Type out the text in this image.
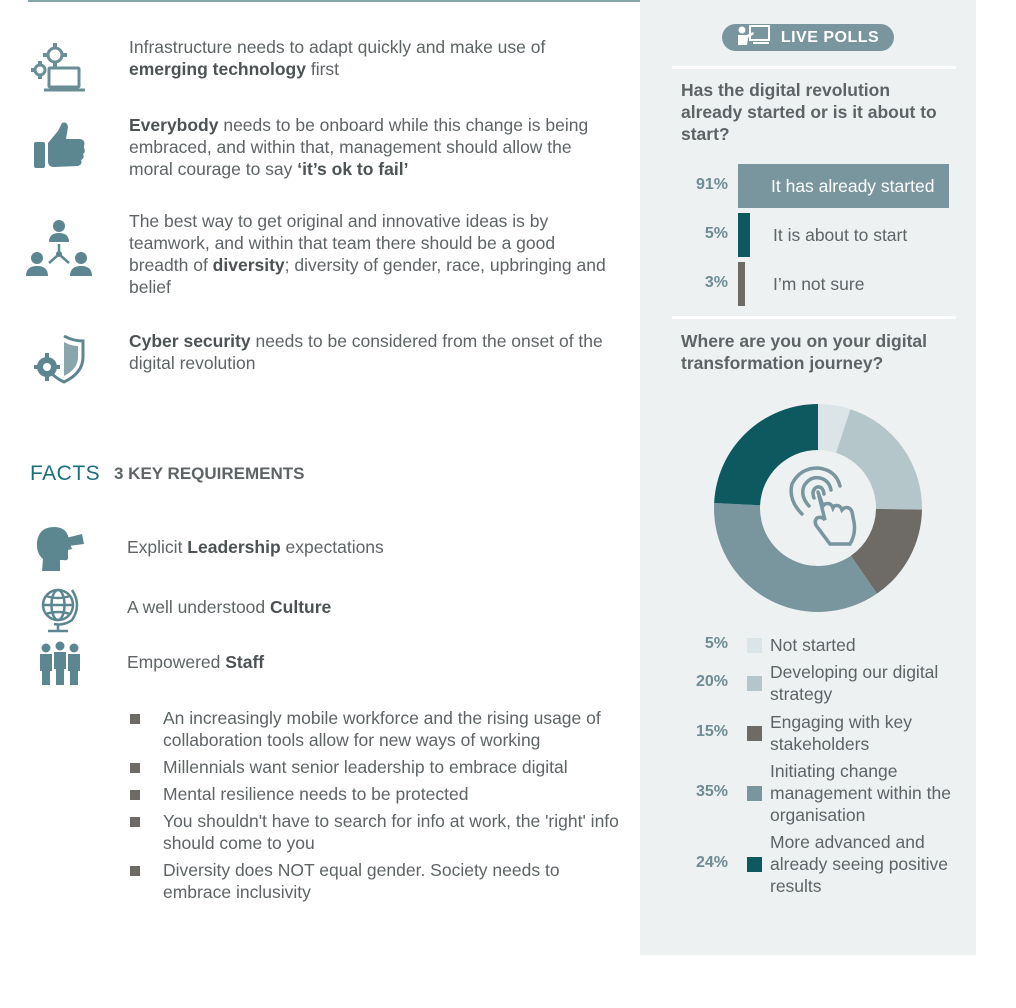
Infrastructure needs to adapt quickly and make use of emerging technology first
Everybody needs to be onboard while this change is being embraced, and within that, management should allow the moral courage to say ‘it’s ok to fail’
The best way to get original and innovative ideas is by teamwork, and within that team there should be a good breadth of diversity; diversity of gender, race, upbringing and belief
Cyber security needs to be considered from the onset of the digital revolution
FACTS 3 KEY REQUIREMENTS
Explicit Leadership expectations
A well understood Culture
Empowered Staff
An increasingly mobile workforce and the rising usage of collaboration tools allow for new ways of working
Millennials want senior leadership to embrace digital
Mental resilience needs to be protected
You shouldn't have to search for info at work, the 'right' info should come to you
Diversity does NOT equal gender. Society needs to embrace inclusivity
LIVE POLLS
Has the digital revolution already started or is it about to start?
91% It has already started
5%	It is about to start
3%	I’m not sure
Where are you on your digital transformation journey?
5% Not started
20% Developing our digital strategy
15% Engaging with key stakeholders
35%
Initiating change management within the organisation
24%
More advanced and already seeing positive results
